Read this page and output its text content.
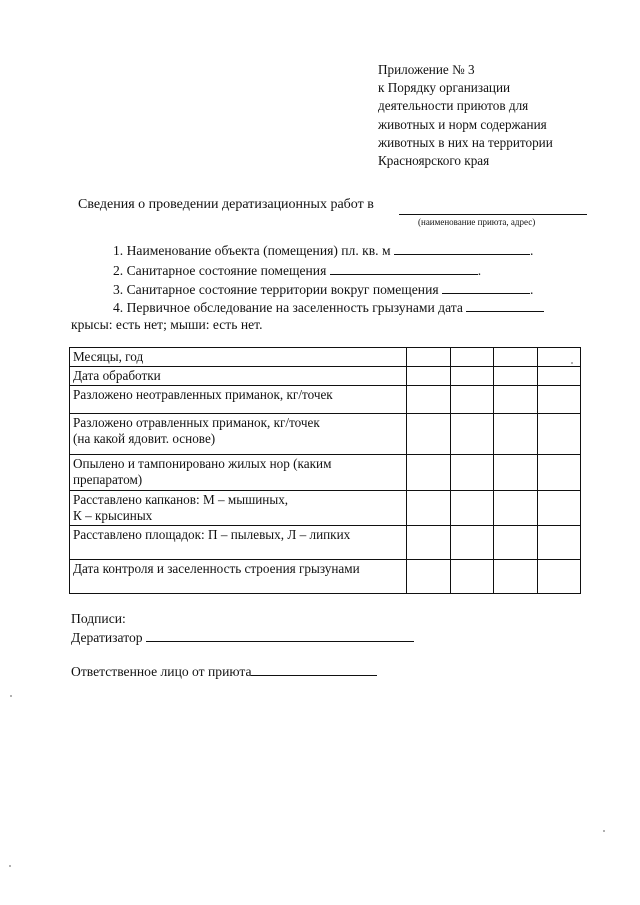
Приложение № 3
к Порядку организации
деятельности приютов для
животных и норм содержания
животных в них на территории
Красноярского края
Сведения о проведении дератизационных работ в
(наименование приюта, адрес)
1. Наименование объекта (помещения) пл. кв. м	.
2. Санитарное состояние помещения	.
3. Санитарное состояние территории вокруг помещения	.
4. Первичное обследование на заселенность грызунами дата
крысы: есть нет; мыши: есть нет.
Месяцы, год				
Дата обработки				
Разложено неотравленных приманок, кг/точек				
Разложено отравленных приманок, кг/точек
(на какой ядовит. основе)				
Опылено и тампонировано жилых нор (каким
препаратом)				
Расставлено капканов: М – мышиных,
К – крысиных				
Расставлено площадок: П – пылевых, Л – липких				
Дата контроля и заселенность строения грызунами				
Подписи:
Дератизатор
Ответственное лицо от приюта
